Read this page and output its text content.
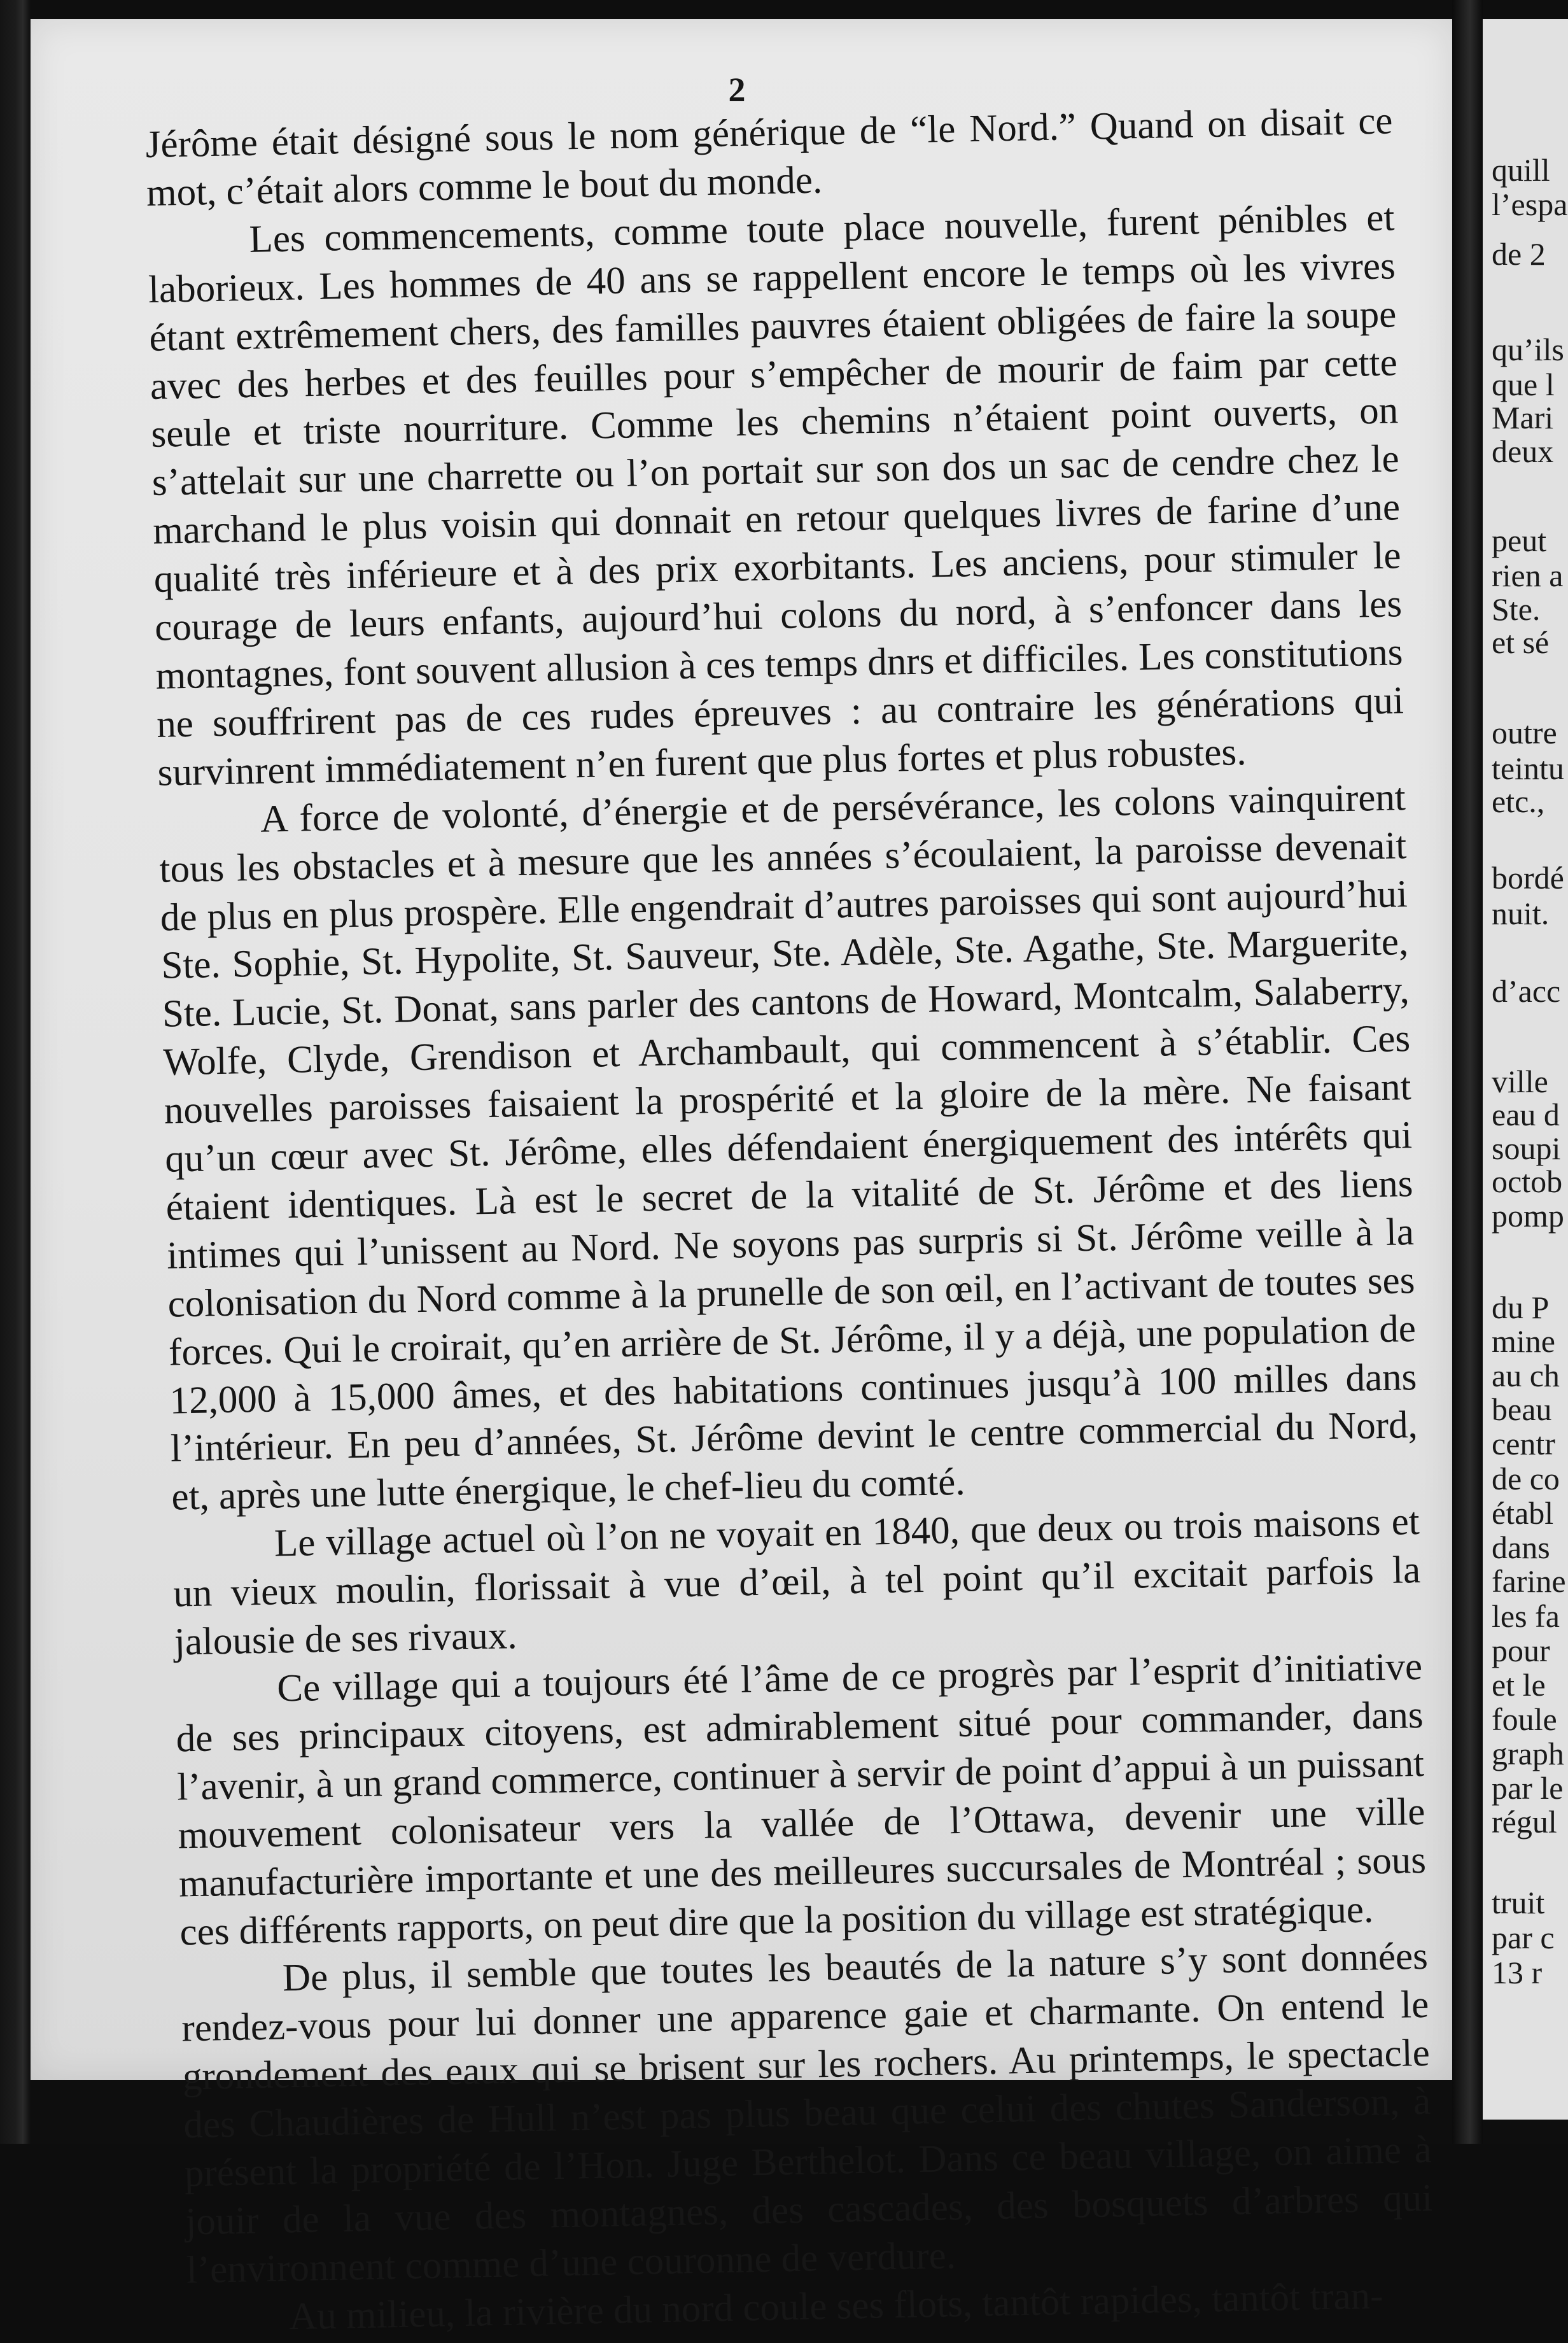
2

Jérôme était désigné sous le nom générique de “le Nord.” Quand on disait ce mot, c’était alors comme le bout du monde.

Les commencements, comme toute place nouvelle, furent pénibles et laborieux. Les hommes de 40 ans se rappellent encore le temps où les vivres étant extrêmement chers, des familles pauvres étaient obligées de faire la soupe avec des herbes et des feuilles pour s’empêcher de mourir de faim par cette seule et triste nourriture. Comme les chemins n’étaient point ouverts, on s’attelait sur une charrette ou l’on portait sur son dos un sac de cendre chez le marchand le plus voisin qui donnait en retour quelques livres de farine d’une qualité très inférieure et à des prix exorbitants. Les anciens, pour stimuler le courage de leurs enfants, aujourd’hui colons du nord, à s’enfoncer dans les montagnes, font souvent allusion à ces temps dnrs et difficiles. Les constitutions ne souffrirent pas de ces rudes épreuves : au contraire les générations qui survinrent immédiatement n’en furent que plus fortes et plus robustes.

A force de volonté, d’énergie et de persévérance, les colons vainquirent tous les obstacles et à mesure que les années s’écoulaient, la paroisse devenait de plus en plus prospère. Elle engendrait d’autres paroisses qui sont aujourd’hui Ste. Sophie, St. Hypolite, St. Sauveur, Ste. Adèle, Ste. Agathe, Ste. Marguerite, Ste. Lucie, St. Donat, sans parler des cantons de Howard, Montcalm, Salaberry, Wolfe, Clyde, Grendison et Archambault, qui commencent à s’établir. Ces nouvelles paroisses faisaient la prospérité et la gloire de la mère. Ne faisant qu’un cœur avec St. Jérôme, elles défendaient énergiquement des intérêts qui étaient identiques. Là est le secret de la vitalité de St. Jérôme et des liens intimes qui l’unissent au Nord. Ne soyons pas surpris si St. Jérôme veille à la colonisation du Nord comme à la prunelle de son œil, en l’activant de toutes ses forces. Qui le croirait, qu’en arrière de St. Jérôme, il y a déjà, une population de 12,000 à 15,000 âmes, et des habitations continues jusqu’à 100 milles dans l’intérieur. En peu d’années, St. Jérôme devint le centre commercial du Nord, et, après une lutte énergique, le chef-lieu du comté.

Le village actuel où l’on ne voyait en 1840, que deux ou trois maisons et un vieux moulin, florissait à vue d’œil, à tel point qu’il excitait parfois la jalousie de ses rivaux.

Ce village qui a toujours été l’âme de ce progrès par l’esprit d’initiative de ses principaux citoyens, est admirablement situé pour commander, dans l’avenir, à un grand commerce, continuer à servir de point d’appui à un puissant mouvement colonisateur vers la vallée de l’Ottawa, devenir une ville manufacturière importante et une des meilleures succursales de Montréal ; sous ces différents rapports, on peut dire que la position du village est stratégique.

De plus, il semble que toutes les beautés de la nature s’y sont données rendez-vous pour lui donner une apparence gaie et charmante. On entend le grondement des eaux qui se brisent sur les rochers. Au printemps, le spectacle des Chaudières de Hull n’est pas plus beau que celui des chutes Sanderson, à présent la propriété de l’Hon. Juge Berthelot. Dans ce beau village, on aime à jouir de la vue des montagnes, des cascades, des bosquets d’arbres qui l’environnent comme d’une couronne de verdure.

Au milieu, la rivière du nord coule ses flots, tantôt rapides, tantôt tran-

quill
l’espa
de 2
qu’ils
que l
Mari
deux
peut
rien a
Ste.
et sé
outre
teintu
etc.,
bordé
nuit.
d’acc
ville
eau d
soupi
octob
pomp
du P
mine
au ch
beau
centr
de co
établ
dans
farine
les fa
pour
et le
foule
graph
par le
régul
truit
par c
13 r
